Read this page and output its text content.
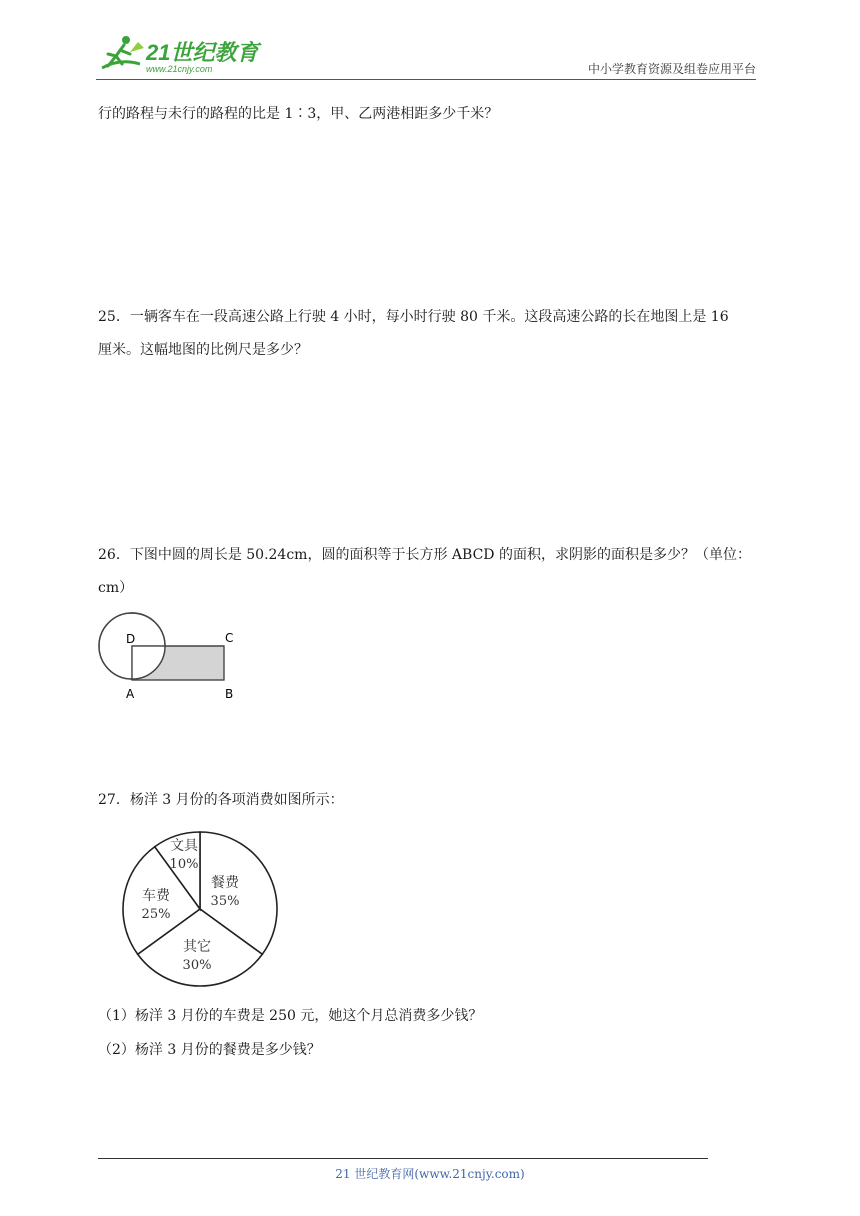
21世纪教育
www.21cnjy.com	中小学教育资源及组卷应用平台
行的路程与未行的路程的比是 1∶3，甲、乙两港相距多少千米？
25．一辆客车在一段高速公路上行驶 4 小时，每小时行驶 80 千米。这段高速公路的长在地图上是 16
厘米。这幅地图的比例尺是多少？
26．下图中圆的周长是 50.24cm，圆的面积等于长方形 ABCD 的面积，求阴影的面积是多少？（单位：
cm）
D	C
A	B
27．杨洋 3 月份的各项消费如图所示：
餐费
35%
其它
30%
车费
25%
文具
10%
（1）杨洋 3 月份的车费是 250 元，她这个月总消费多少钱？
（2）杨洋 3 月份的餐费是多少钱？
21 世纪教育网(www.21cnjy.com)
